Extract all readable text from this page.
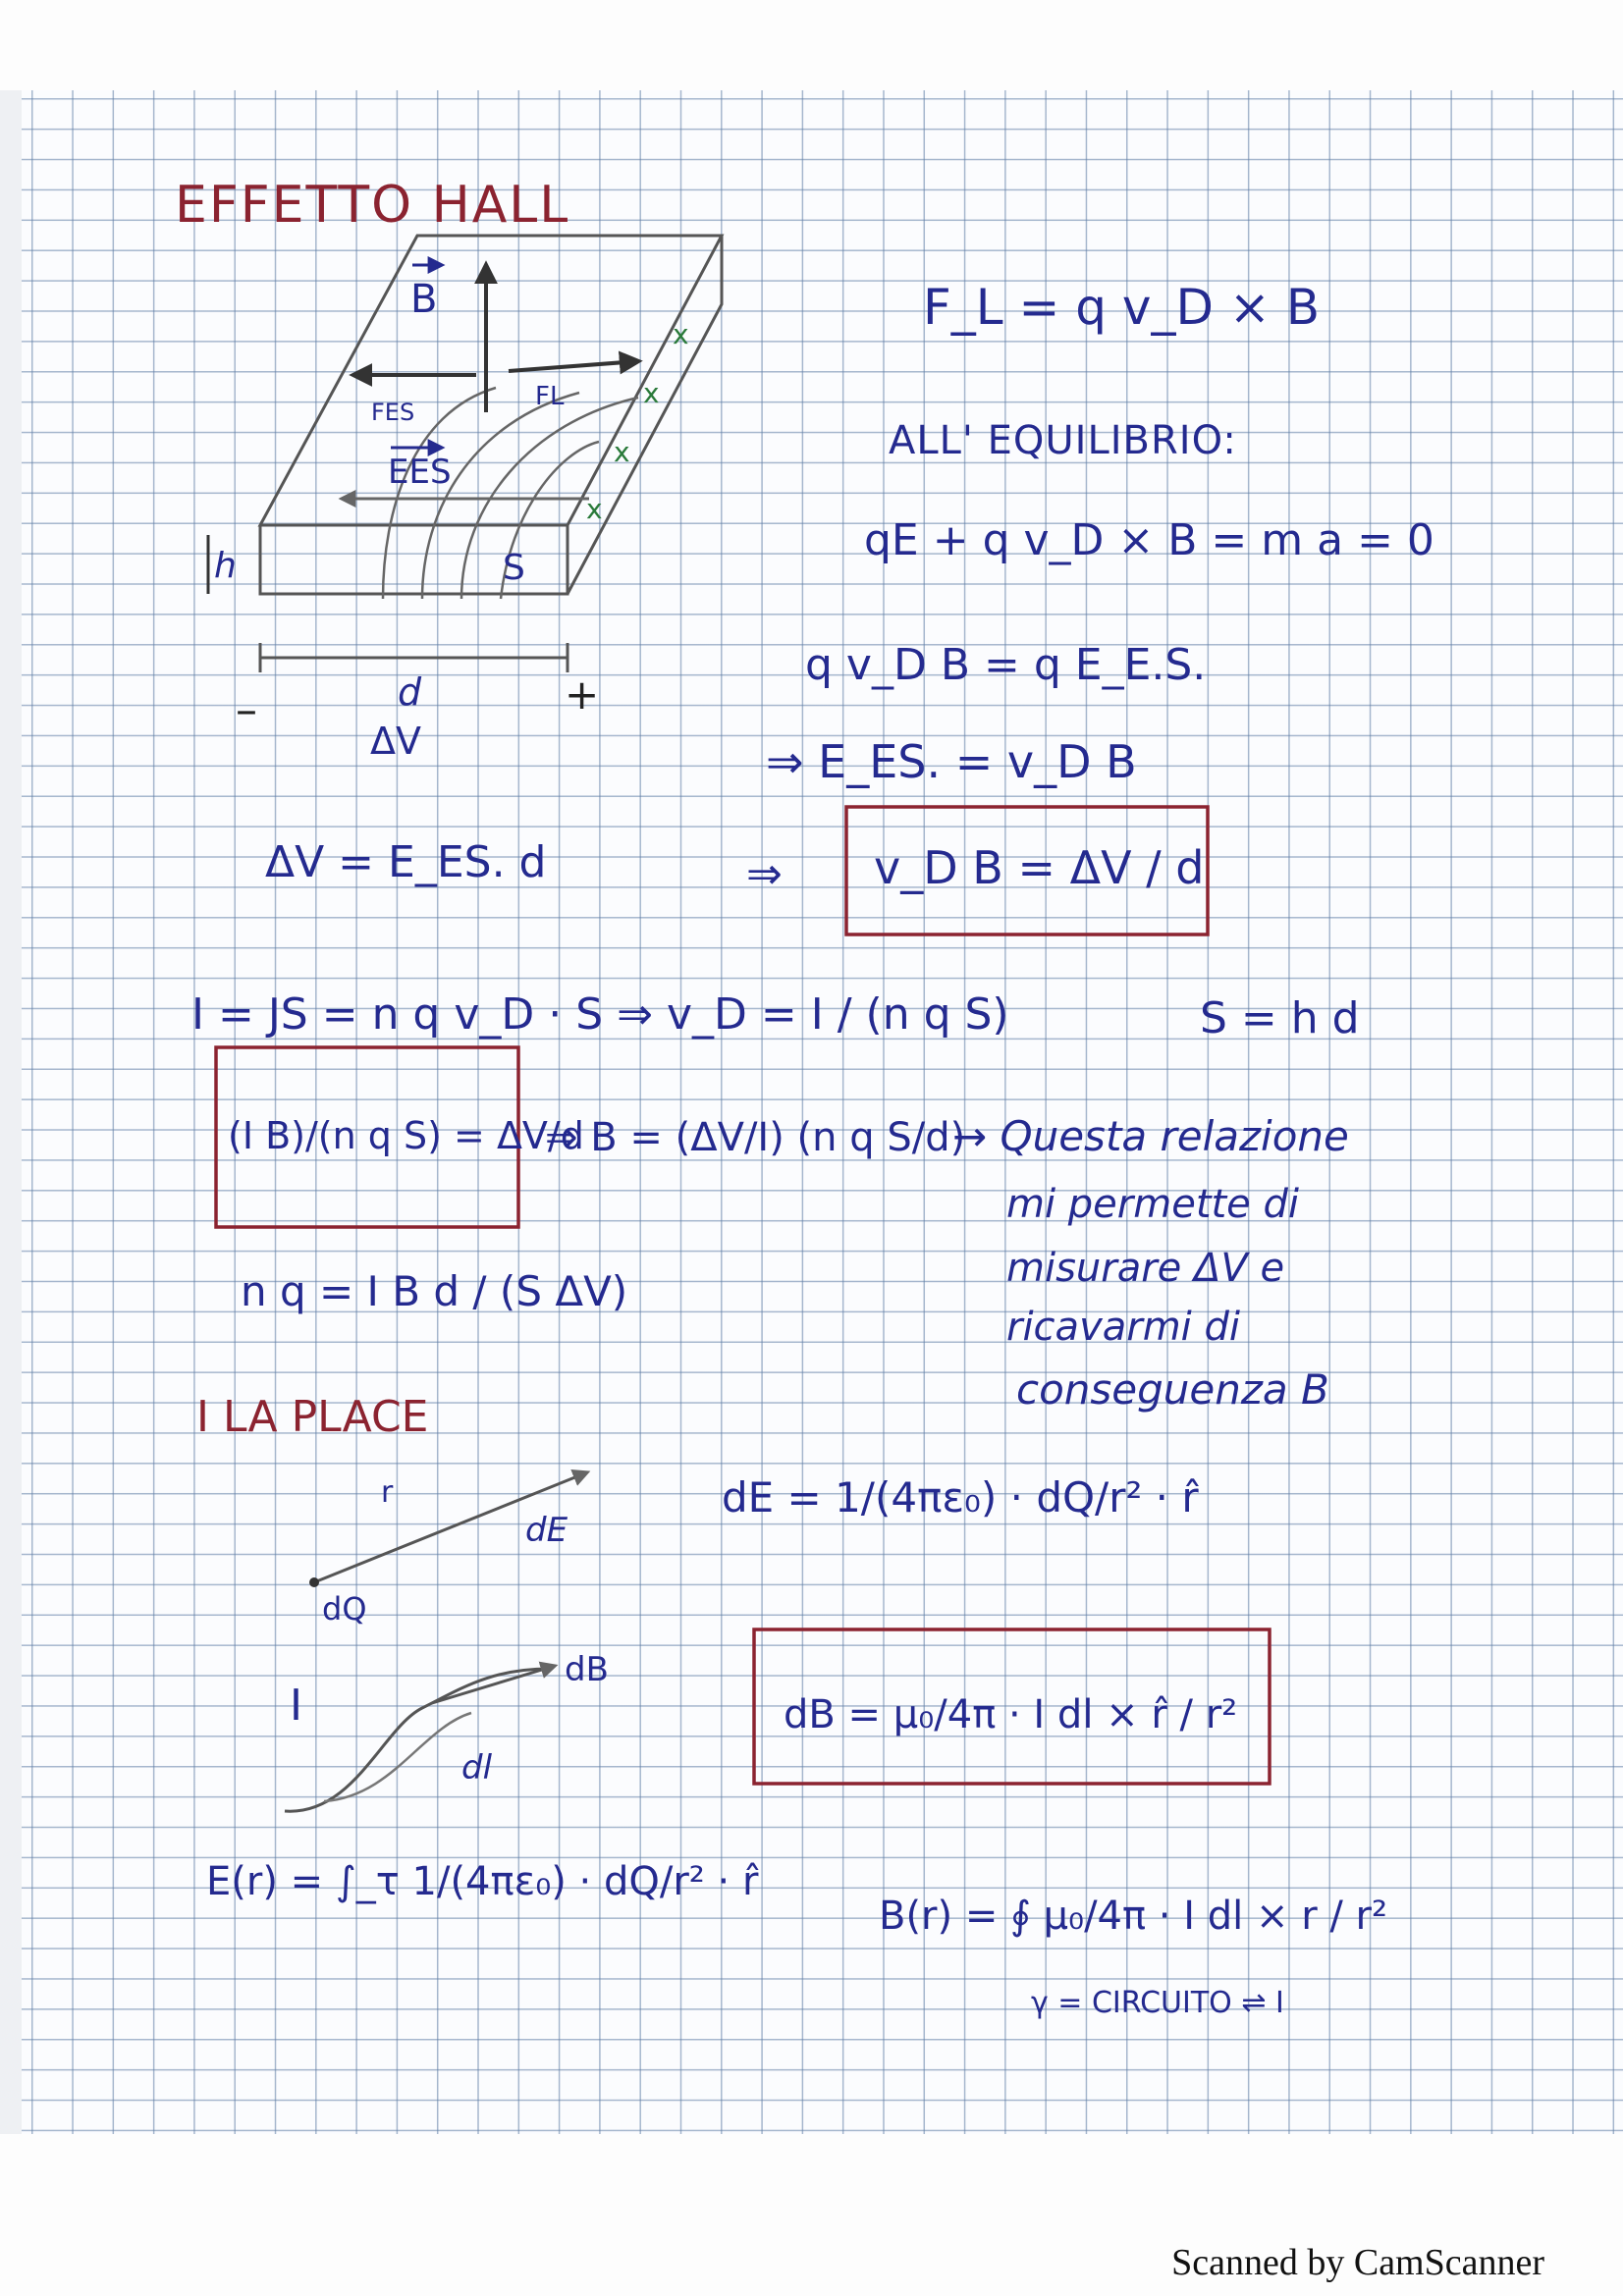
EFFETTO HALL
B
FES
FL
EES
h	S
d
ΔV
–	+
x
x
x
x
F_L = q v_D × B
ALL' EQUILIBRIO:
qE + q v_D × B = m a = 0
q v_D B = q E_E.S.
⇒ E_ES. = v_D B
⇒ v_D B = ΔV / d
ΔV = E_ES. d
I = JS = n q v_D · S ⇒ v_D = I / (n q S)	S = h d
(I B)/(n q S) = ΔV/d
⇒ B = (ΔV/I) (n q S/d)
→ Questa relazione
mi permette di
misurare ΔV e
ricavarmi di
conseguenza B
n q = I B d / (S ΔV)
I LA PLACE
r
dE
dQ
dE = 1/(4πε₀) · dQ/r² · r̂
I
dB
dl
dB = μ₀/4π · I dl × r̂ / r²
E(r) = ∫_τ 1/(4πε₀) · dQ/r² · r̂
B(r) = ∮ μ₀/4π · I dl × r / r²
γ = CIRCUITO ⇌ I
Scanned by CamScanner
